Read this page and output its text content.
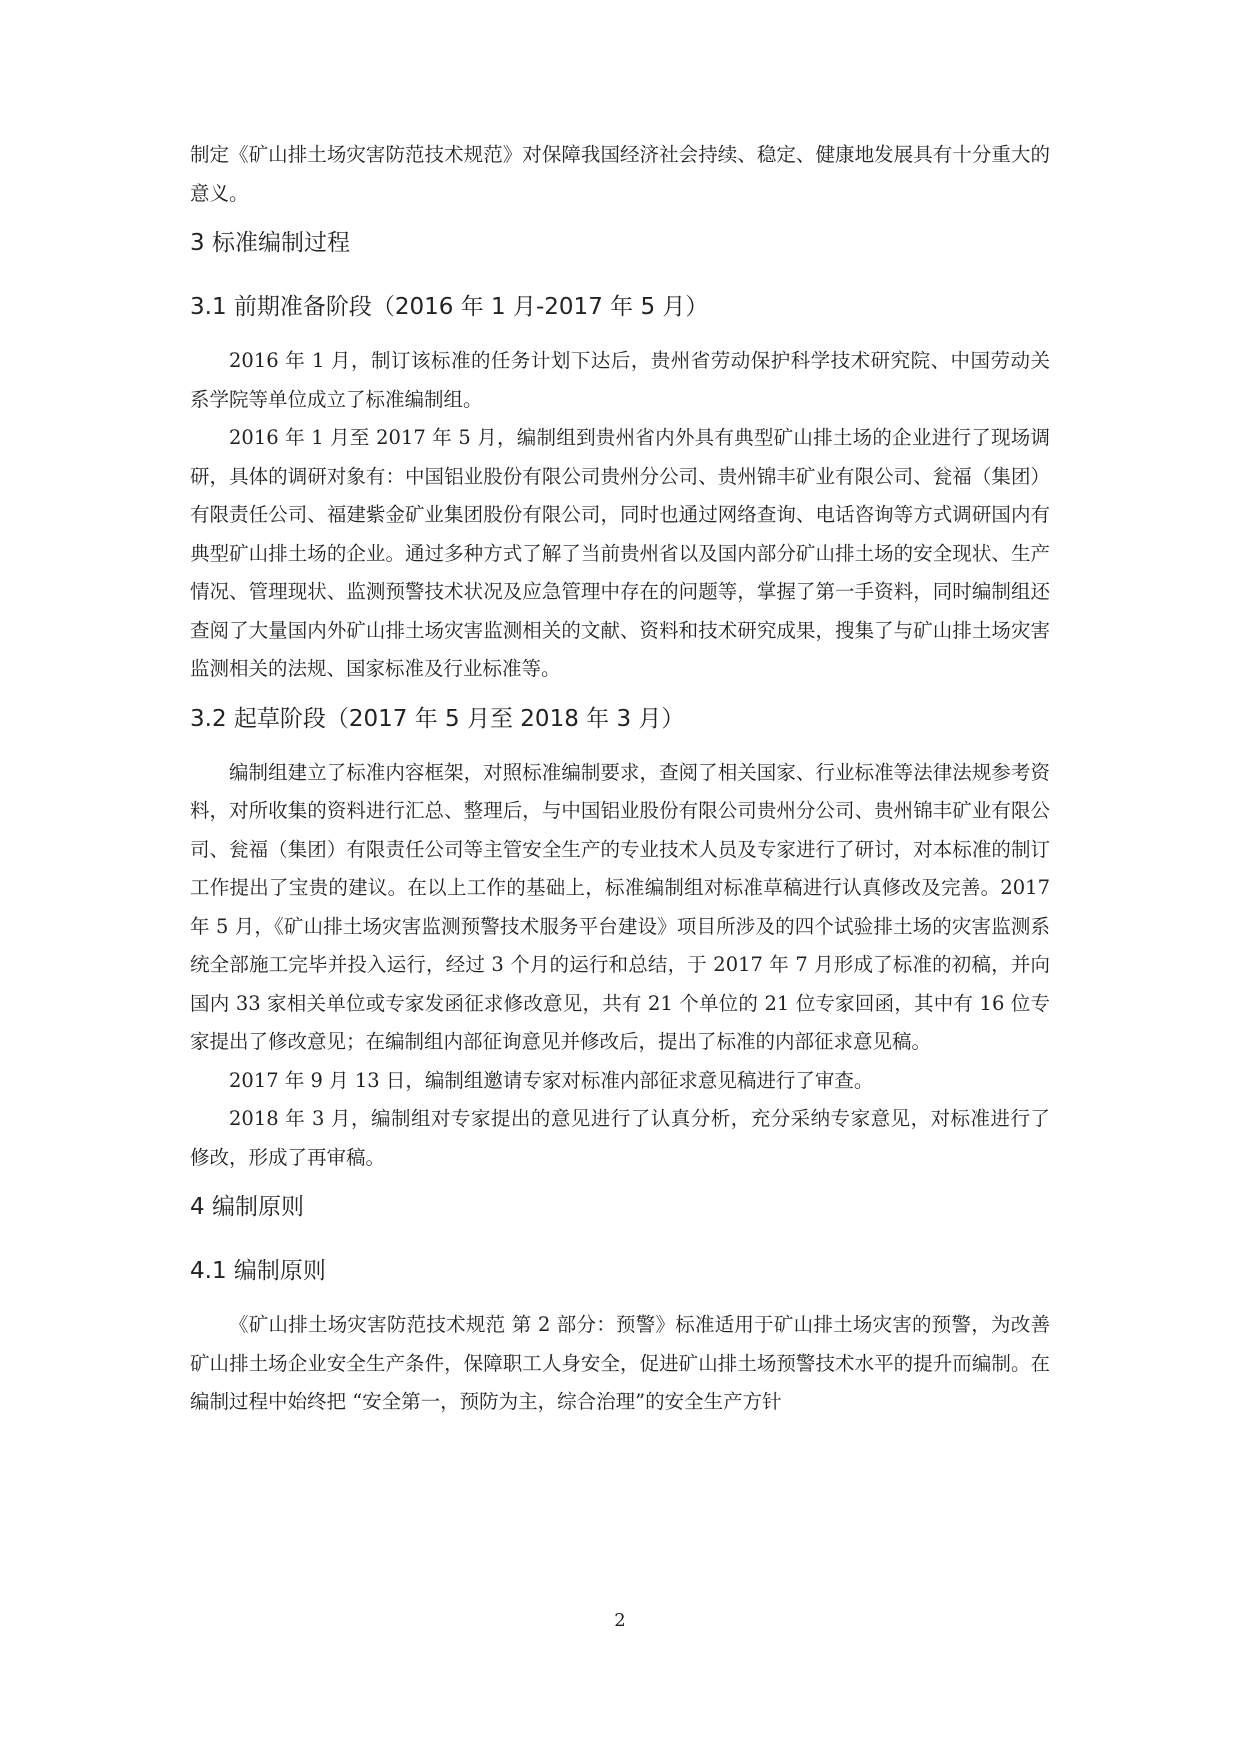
制定《矿山排土场灾害防范技术规范》对保障我国经济社会持续、稳定、健康地发展具有十分重大的意义。

3 标准编制过程
3.1 前期准备阶段（2016 年 1 月-2017 年 5 月）

2016 年 1 月，制订该标准的任务计划下达后，贵州省劳动保护科学技术研究院、中国劳动关系学院等单位成立了标准编制组。

2016 年 1 月至 2017 年 5 月，编制组到贵州省内外具有典型矿山排土场的企业进行了现场调研，具体的调研对象有：中国铝业股份有限公司贵州分公司、贵州锦丰矿业有限公司、瓮福（集团）有限责任公司、福建紫金矿业集团股份有限公司，同时也通过网络查询、电话咨询等方式调研国内有典型矿山排土场的企业。通过多种方式了解了当前贵州省以及国内部分矿山排土场的安全现状、生产情况、管理现状、监测预警技术状况及应急管理中存在的问题等，掌握了第一手资料，同时编制组还查阅了大量国内外矿山排土场灾害监测相关的文献、资料和技术研究成果，搜集了与矿山排土场灾害监测相关的法规、国家标准及行业标准等。

3.2 起草阶段（2017 年 5 月至 2018 年 3 月）

编制组建立了标准内容框架，对照标准编制要求，查阅了相关国家、行业标准等法律法规参考资料，对所收集的资料进行汇总、整理后，与中国铝业股份有限公司贵州分公司、贵州锦丰矿业有限公司、瓮福（集团）有限责任公司等主管安全生产的专业技术人员及专家进行了研讨，对本标准的制订工作提出了宝贵的建议。在以上工作的基础上，标准编制组对标准草稿进行认真修改及完善。2017 年 5 月，《矿山排土场灾害监测预警技术服务平台建设》项目所涉及的四个试验排土场的灾害监测系统全部施工完毕并投入运行，经过 3 个月的运行和总结，于 2017 年 7 月形成了标准的初稿，并向国内 33 家相关单位或专家发函征求修改意见，共有 21 个单位的 21 位专家回函，其中有 16 位专家提出了修改意见；在编制组内部征询意见并修改后，提出了标准的内部征求意见稿。

2017 年 9 月 13 日，编制组邀请专家对标准内部征求意见稿进行了审查。

2018 年 3 月，编制组对专家提出的意见进行了认真分析，充分采纳专家意见，对标准进行了修改，形成了再审稿。

4 编制原则
4.1 编制原则

《矿山排土场灾害防范技术规范 第 2 部分：预警》标准适用于矿山排土场灾害的预警，为改善矿山排土场企业安全生产条件，保障职工人身安全，促进矿山排土场预警技术水平的提升而编制。在编制过程中始终把 “安全第一，预防为主，综合治理”的安全生产方针

2
